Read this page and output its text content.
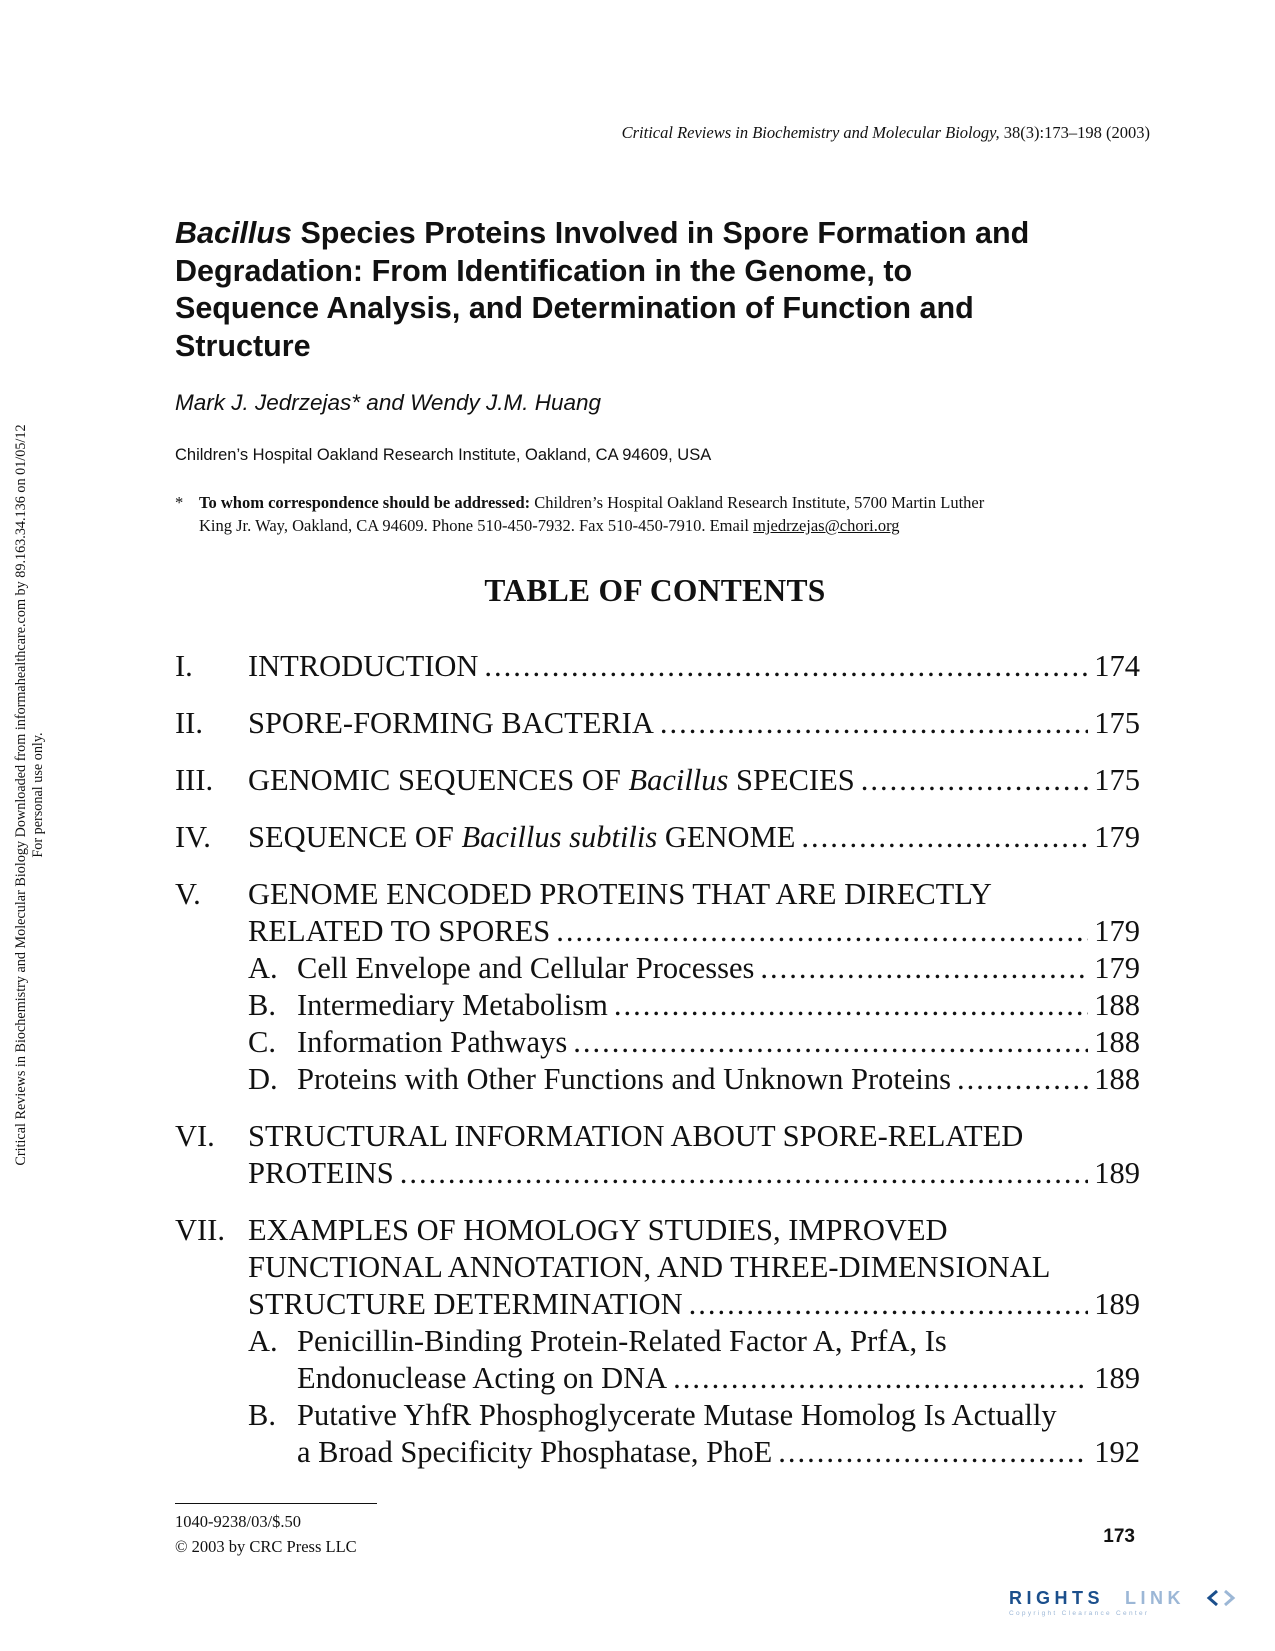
Critical Reviews in Biochemistry and Molecular Biology Downloaded from informahealthcare.com by 89.163.34.136 on 01/05/12 For personal use only.
Critical Reviews in Biochemistry and Molecular Biology, 38(3):173–198 (2003)
Bacillus Species Proteins Involved in Spore Formation and
Degradation: From Identification in the Genome, to
Sequence Analysis, and Determination of Function and
Structure
Mark J. Jedrzejas* and Wendy J.M. Huang
Children’s Hospital Oakland Research Institute, Oakland, CA 94609, USA
* To whom correspondence should be addressed: Children’s Hospital Oakland Research Institute, 5700 Martin Luther
King Jr. Way, Oakland, CA 94609. Phone 510-450-7932. Fax 510-450-7910. Email mjedrzejas@chori.org
TABLE OF CONTENTS
I. INTRODUCTION .....	174
II. SPORE-FORMING BACTERIA .....	175
III. GENOMIC SEQUENCES OF Bacillus SPECIES .....	175
IV. SEQUENCE OF Bacillus subtilis GENOME .....	179
V. GENOME ENCODED PROTEINS THAT ARE DIRECTLY
RELATED TO SPORES .....	179
A. Cell Envelope and Cellular Processes .....	179
B. Intermediary Metabolism .....	188
C. Information Pathways .....	188
D. Proteins with Other Functions and Unknown Proteins .....	188
VI. STRUCTURAL INFORMATION ABOUT SPORE-RELATED
PROTEINS .....	189
VII. EXAMPLES OF HOMOLOGY STUDIES, IMPROVED
FUNCTIONAL ANNOTATION, AND THREE-DIMENSIONAL
STRUCTURE DETERMINATION .....	189
A. Penicillin-Binding Protein-Related Factor A, PrfA, Is
Endonuclease Acting on DNA .....	189
B. Putative YhfR Phosphoglycerate Mutase Homolog Is Actually
a Broad Specificity Phosphatase, PhoE .....	192
1040-9238/03/$.50
© 2003 by CRC Press LLC	173
RIGHTS LINK
Copyright Clearance Center
